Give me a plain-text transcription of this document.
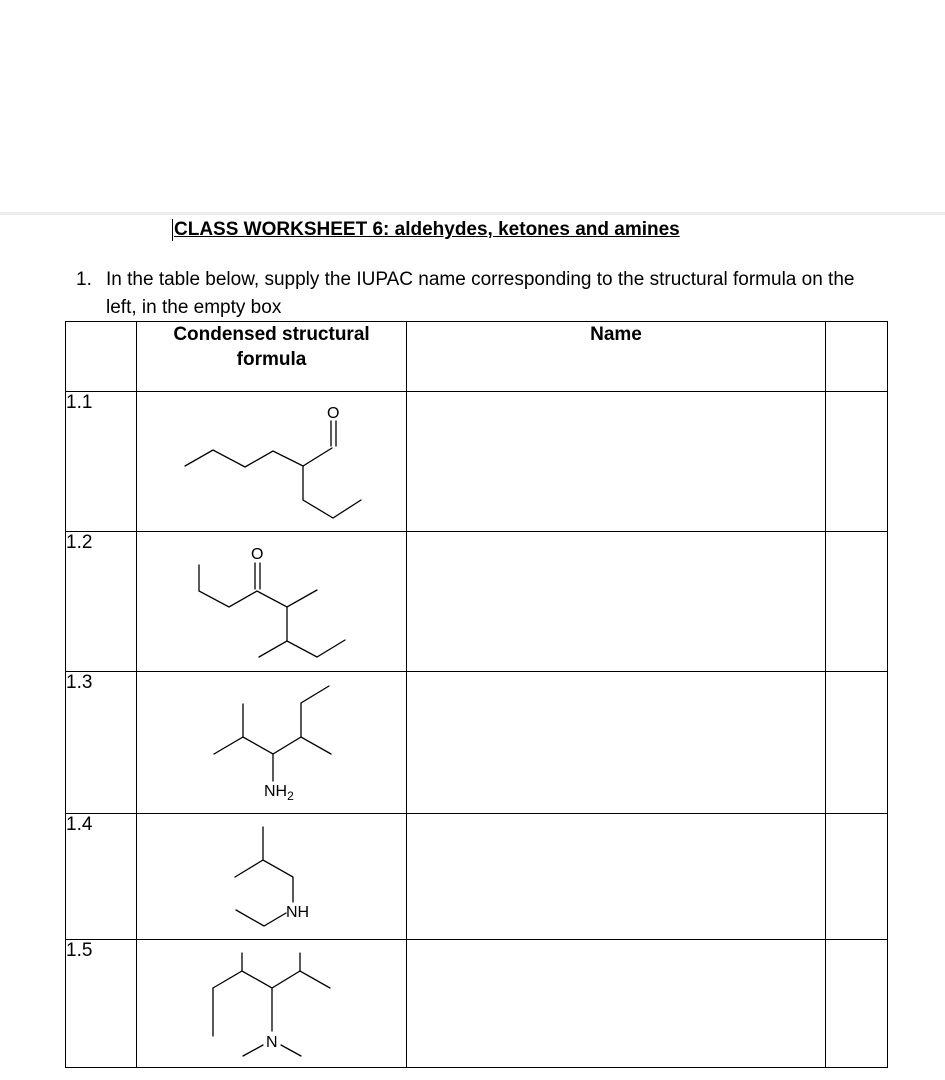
CLASS WORKSHEET 6: aldehydes, ketones and amines
1. In the table below, supply the IUPAC name corresponding to the structural formula on the left, in the empty box
	Condensed structural formula	Name	
1.1	O		

1.2	O		

1.3	$NH_2$

1.4	NH		

1.5	N		
